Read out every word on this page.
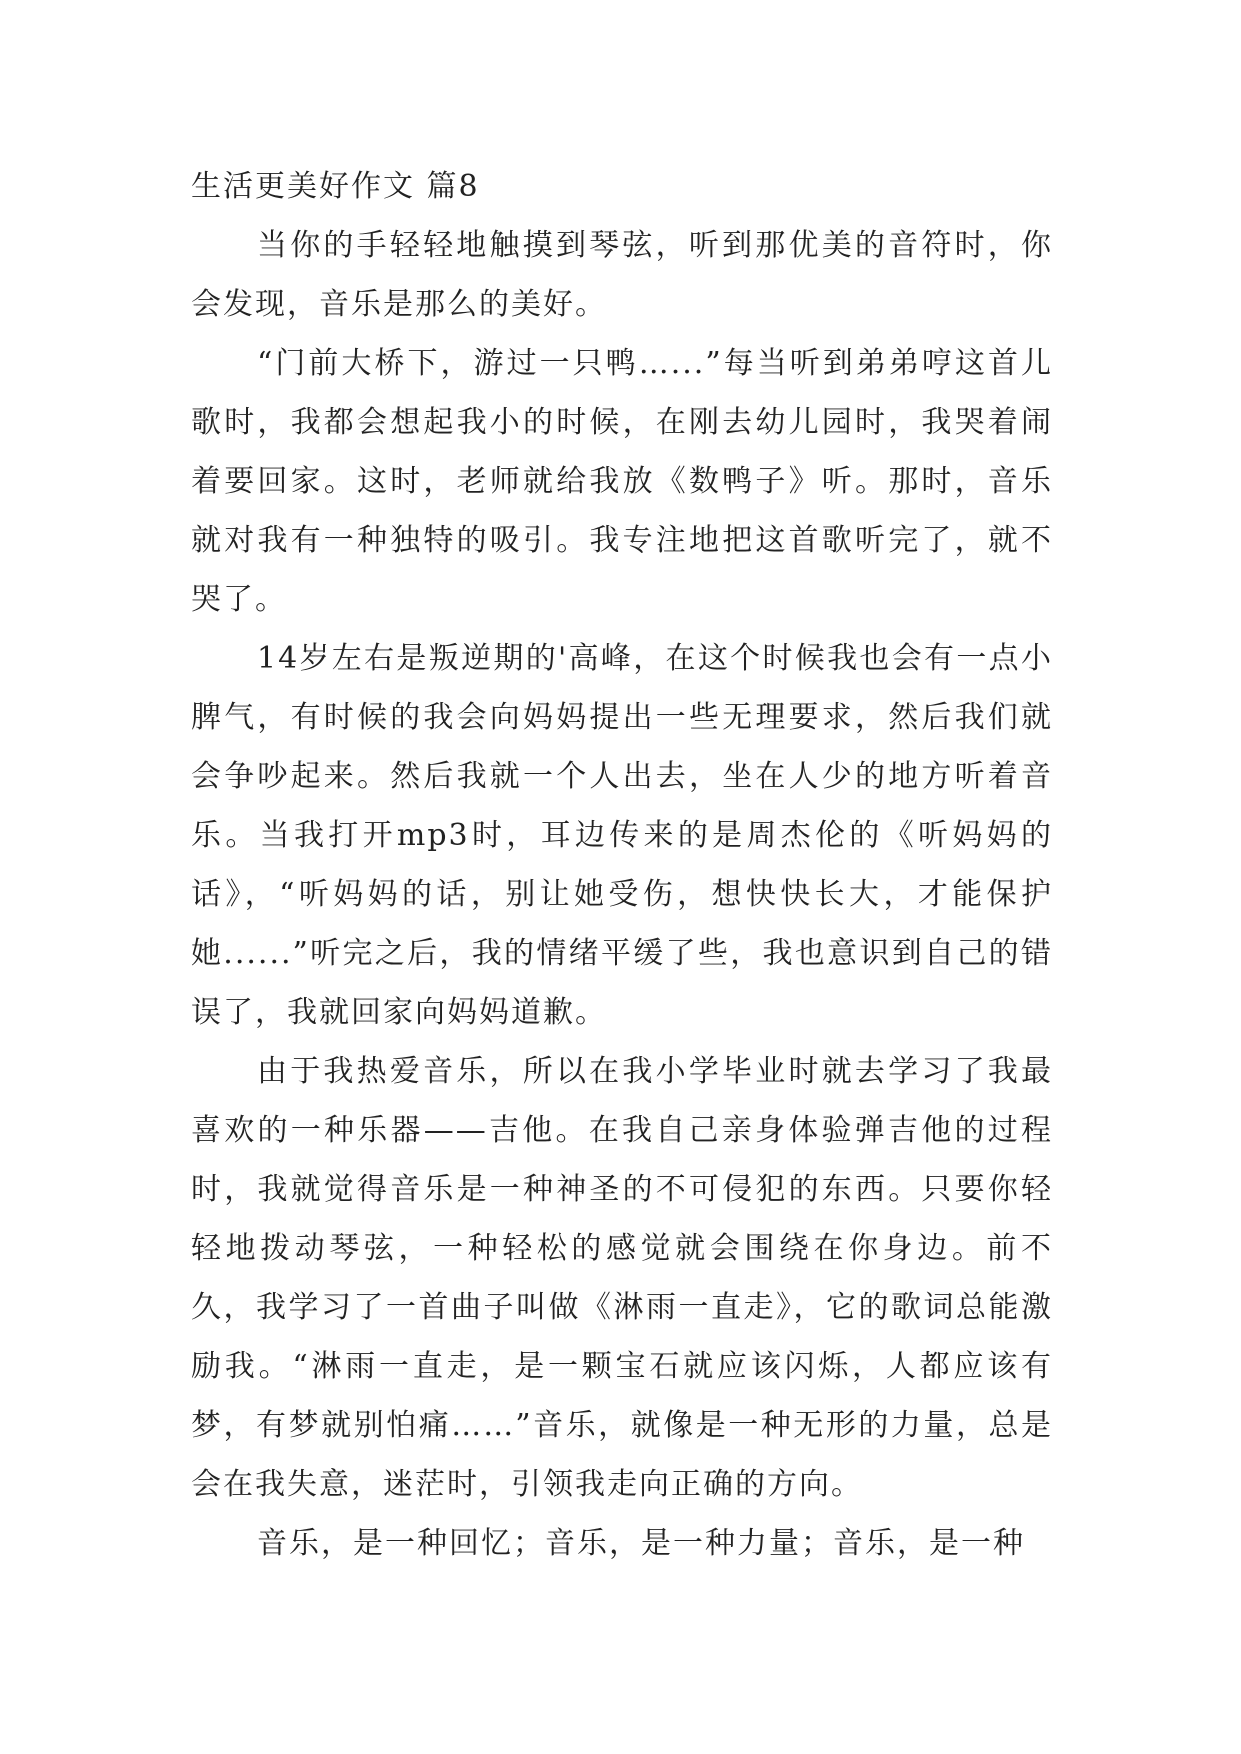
生活更美好作文 篇8

当你的手轻轻地触摸到琴弦，听到那优美的音符时，你会发现，音乐是那么的美好。

“门前大桥下，游过一只鸭…...”每当听到弟弟哼这首儿歌时，我都会想起我小的时候，在刚去幼儿园时，我哭着闹着要回家。这时，老师就给我放《数鸭子》听。那时，音乐就对我有一种独特的吸引。我专注地把这首歌听完了，就不哭了。

14岁左右是叛逆期的'高峰，在这个时候我也会有一点小脾气，有时候的我会向妈妈提出一些无理要求，然后我们就会争吵起来。然后我就一个人出去，坐在人少的地方听着音乐。当我打开mp3时，耳边传来的是周杰伦的《听妈妈的话》，“听妈妈的话，别让她受伤，想快快长大，才能保护她......”听完之后，我的情绪平缓了些，我也意识到自己的错误了，我就回家向妈妈道歉。

由于我热爱音乐，所以在我小学毕业时就去学习了我最喜欢的一种乐器——吉他。在我自己亲身体验弹吉他的过程时，我就觉得音乐是一种神圣的不可侵犯的东西。只要你轻轻地拨动琴弦，一种轻松的感觉就会围绕在你身边。前不久，我学习了一首曲子叫做《淋雨一直走》，它的歌词总能激励我。“淋雨一直走，是一颗宝石就应该闪烁，人都应该有梦，有梦就别怕痛……”音乐，就像是一种无形的力量，总是会在我失意，迷茫时，引领我走向正确的方向。

音乐，是一种回忆；音乐，是一种力量；音乐，是一种
